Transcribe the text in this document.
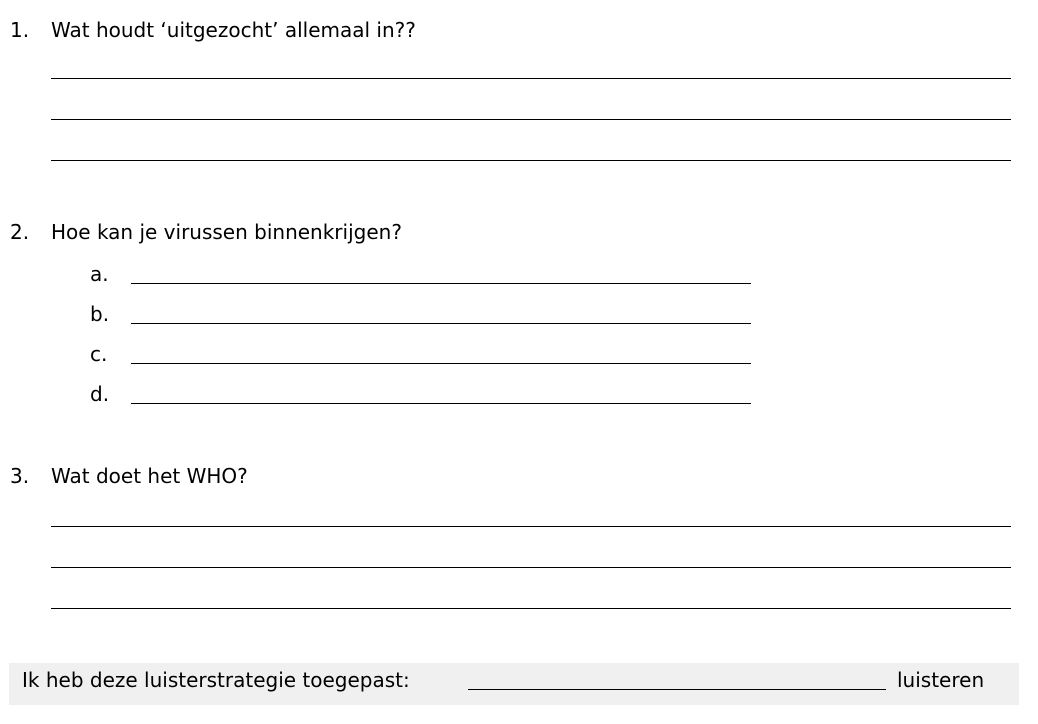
1. Wat houdt ‘uitgezocht’ allemaal in??
2. Hoe kan je virussen binnenkrijgen?
a.
b.
c.
d.
3. Wat doet het WHO?
Ik heb deze luisterstrategie toegepast:	luisteren
